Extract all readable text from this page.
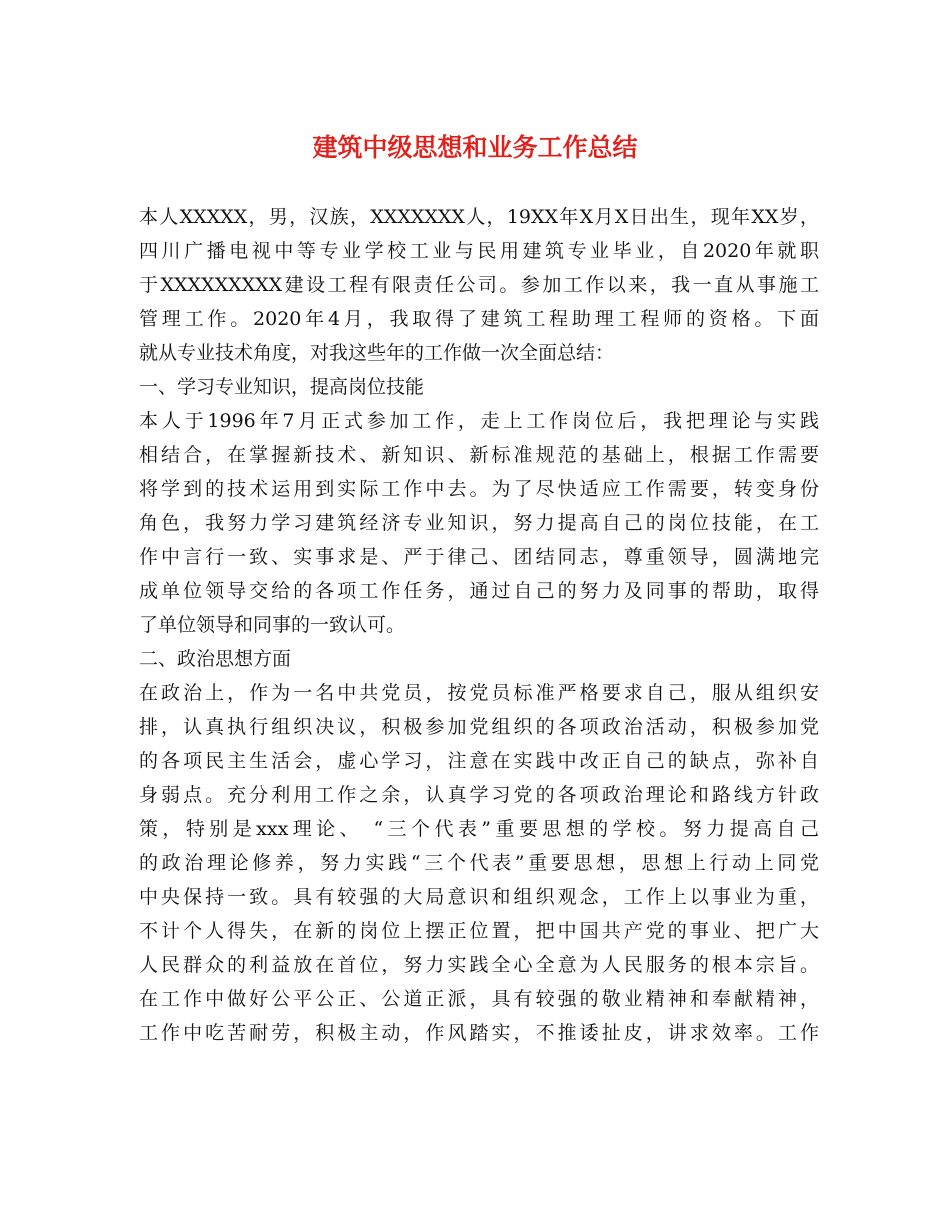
建筑中级思想和业务工作总结
本人XXXXX，男，汉族，XXXXXXX人，19XX年X月X日出生，现年XX岁，
四川广播电视中等专业学校工业与民用建筑专业毕业，自2020年就职
于XXXXXXXXX建设工程有限责任公司。参加工作以来，我一直从事施工
管理工作。2020年4月，我取得了建筑工程助理工程师的资格。下面
就从专业技术角度，对我这些年的工作做一次全面总结：
一、学习专业知识，提高岗位技能
本人于1996年7月正式参加工作，走上工作岗位后，我把理论与实践
相结合，在掌握新技术、新知识、新标准规范的基础上，根据工作需要
将学到的技术运用到实际工作中去。为了尽快适应工作需要，转变身份
角色，我努力学习建筑经济专业知识，努力提高自己的岗位技能，在工
作中言行一致、实事求是、严于律己、团结同志，尊重领导，圆满地完
成单位领导交给的各项工作任务，通过自己的努力及同事的帮助，取得
了单位领导和同事的一致认可。
二、政治思想方面
在政治上，作为一名中共党员，按党员标准严格要求自己，服从组织安
排，认真执行组织决议，积极参加党组织的各项政治活动，积极参加党
的各项民主生活会，虚心学习，注意在实践中改正自己的缺点，弥补自
身弱点。充分利用工作之余，认真学习党的各项政治理论和路线方针政
策，特别是xxx理论、 “三个代表”重要思想的学校。努力提高自己
的政治理论修养，努力实践“三个代表”重要思想，思想上行动上同党
中央保持一致。具有较强的大局意识和组织观念，工作上以事业为重，
不计个人得失，在新的岗位上摆正位置，把中国共产党的事业、把广大
人民群众的利益放在首位，努力实践全心全意为人民服务的根本宗旨。
在工作中做好公平公正、公道正派，具有较强的敬业精神和奉献精神，
工作中吃苦耐劳，积极主动，作风踏实，不推诿扯皮，讲求效率。工作
